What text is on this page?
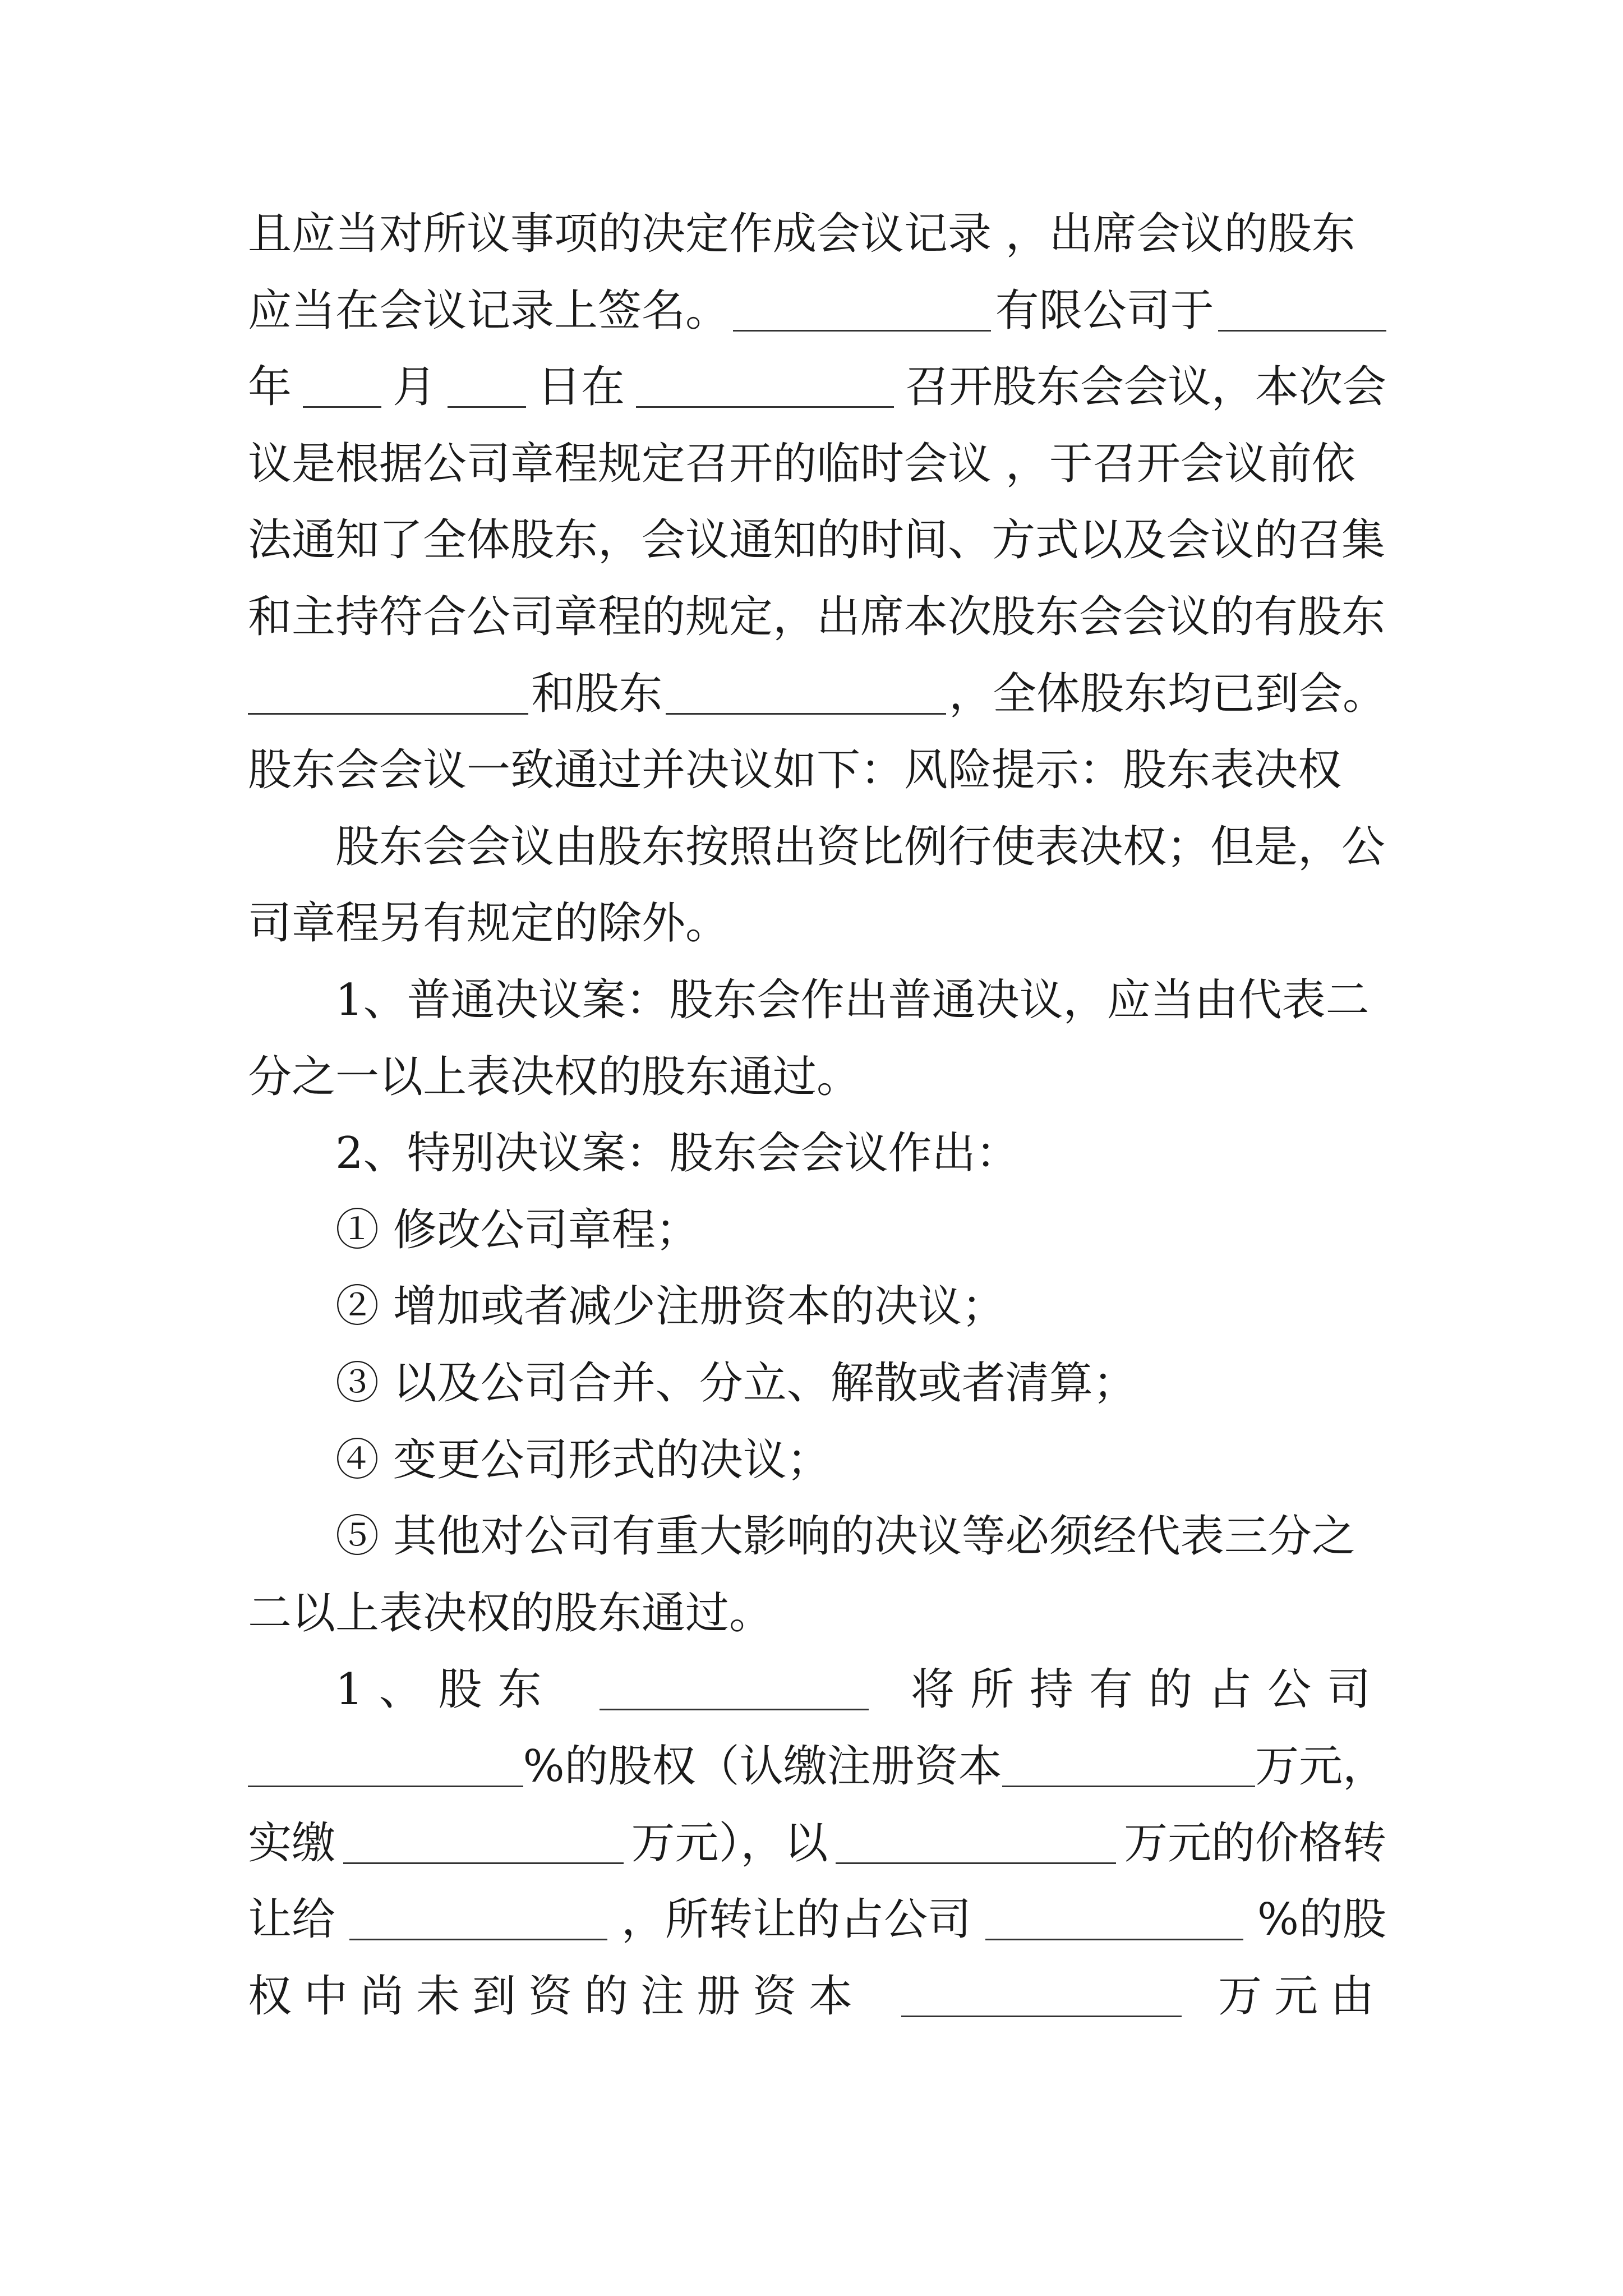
且应当对所议事项的决定作成会议记录 ，出席会议的股东
应当在会议记录上签名。	有限公司于
年 月 日在	召开股东会会议，本次会
议是根据公司章程规定召开的临时会议 ，于召开会议前依
法通知了全体股东，会议通知的时间、方式以及会议的召集
和主持符合公司章程的规定，出席本次股东会会议的有股东
和股东	，全体股东均已到会。
股东会会议一致通过并决议如下：风险提示：股东表决权
股东会会议由股东按照出资比例行使表决权；但是，公
司章程另有规定的除外。
1、普通决议案：股东会作出普通决议，应当由代表二
分之一以上表决权的股东通过。
2、特别决议案：股东会会议作出：
① 修改公司章程；
② 增加或者减少注册资本的决议；
③ 以及公司合并、分立、解散或者清算；
④ 变更公司形式的决议；
⑤ 其他对公司有重大影响的决议等必须经代表三分之
二以上表决权的股东通过。
1、股东	将所持有的占公司
%的股权（认缴注册资本	万元，
实缴	万元），以	万元的价格转
让给	，所转让的占公司	%的股
权中尚未到资的注册资本	万元由
